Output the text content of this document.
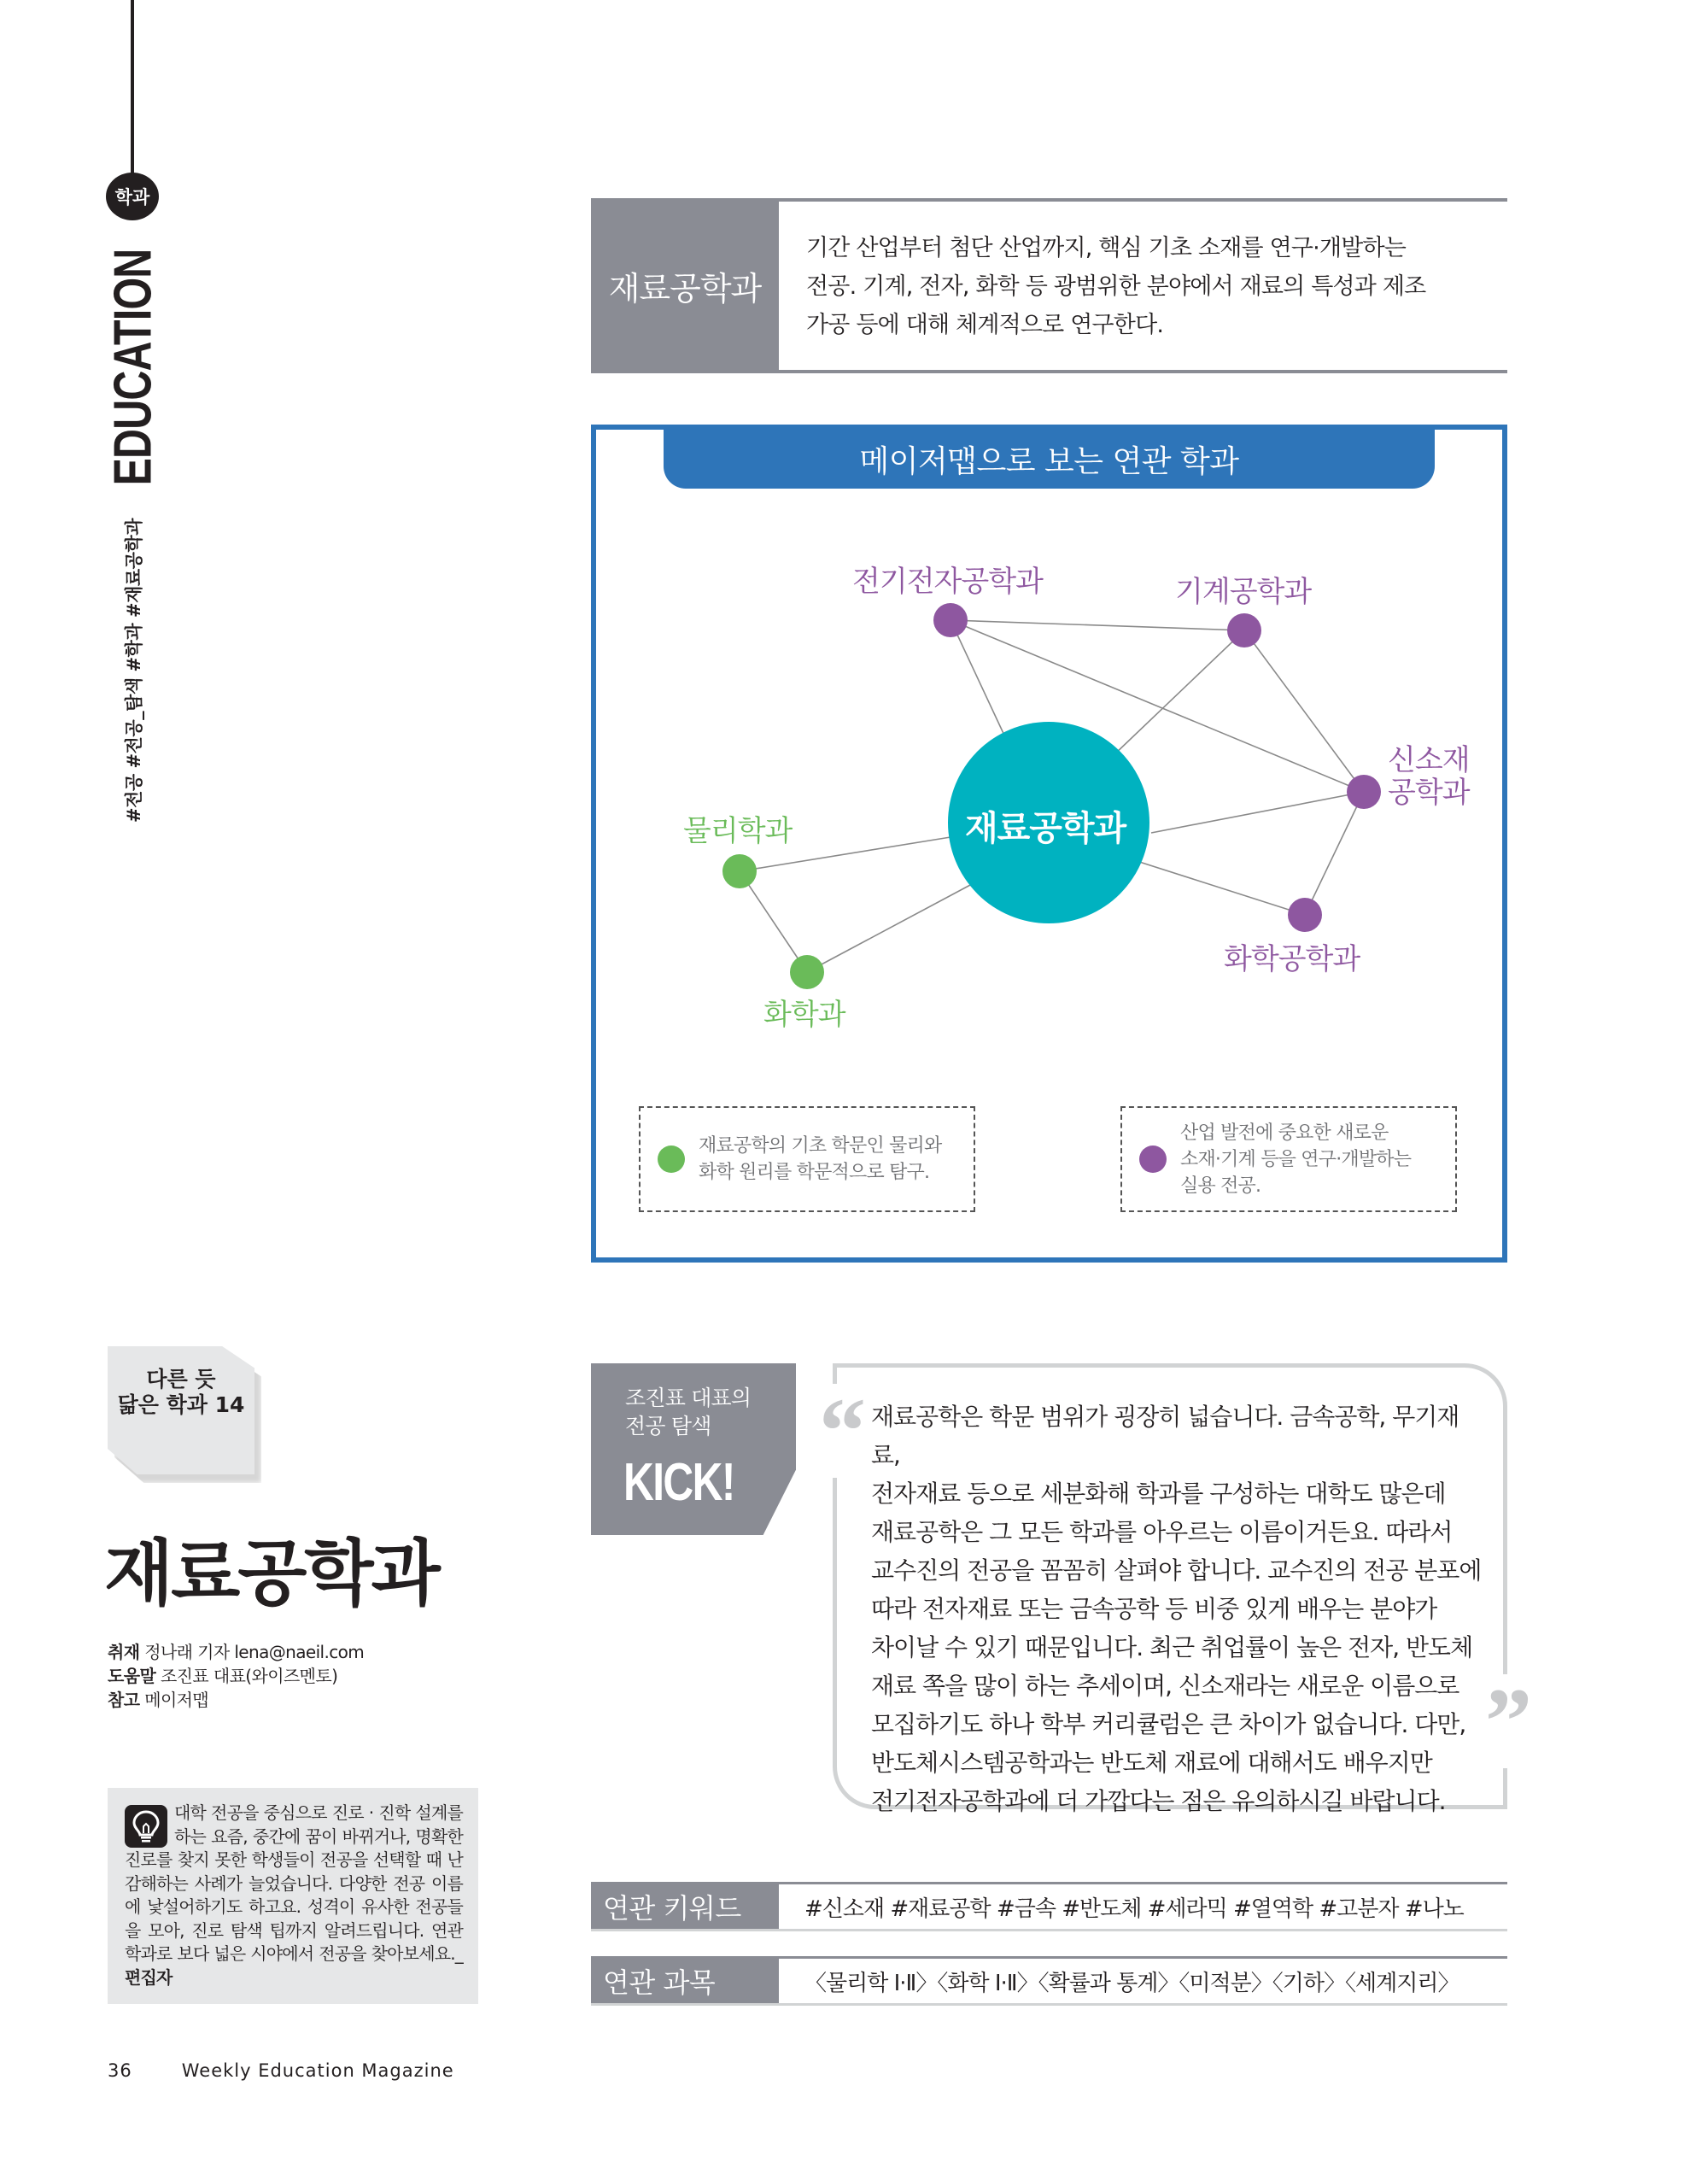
학과
EDUCATION
#전공 #전공_탐색 #학과 #재료공학과
재료공학과
기간 산업부터 첨단 산업까지, 핵심 기초 소재를 연구·개발하는
전공. 기계, 전자, 화학 등 광범위한 분야에서 재료의 특성과 제조
가공 등에 대해 체계적으로 연구한다.
메이저맵으로 보는 연관 학과
재료공학과
전기전자공학과	기계공학과
신소재
공학과
화학공학과
물리학과
화학과
재료공학의 기초 학문인 물리와
화학 원리를 학문적으로 탐구.
산업 발전에 중요한 새로운
소재·기계 등을 연구·개발하는
실용 전공.
다른 듯
닮은 학과 14
재료공학과
취재 정나래 기자 lena@naeil.com
도움말 조진표 대표(와이즈멘토)
참고 메이저맵
대학 전공을 중심으로 진로 · 진학 설계를 하는 요즘, 중간에 꿈이 바뀌거나, 명확한 진로를 찾지 못한 학생들이 전공을 선택할 때 난감해하는 사례가 늘었습니다. 다양한 전공 이름에 낯설어하기도 하고요. 성격이 유사한 전공들을 모아, 진로 탐색 팁까지 알려드립니다. 연관 학과로 보다 넓은 시야에서 전공을 찾아보세요._ 편집자
조진표 대표의
전공 탐색
KICK! “
”
재료공학은 학문 범위가 굉장히 넓습니다. 금속공학, 무기재료,
전자재료 등으로 세분화해 학과를 구성하는 대학도 많은데
재료공학은 그 모든 학과를 아우르는 이름이거든요. 따라서
교수진의 전공을 꼼꼼히 살펴야 합니다. 교수진의 전공 분포에
따라 전자재료 또는 금속공학 등 비중 있게 배우는 분야가
차이날 수 있기 때문입니다. 최근 취업률이 높은 전자, 반도체
재료 쪽을 많이 하는 추세이며, 신소재라는 새로운 이름으로
모집하기도 하나 학부 커리큘럼은 큰 차이가 없습니다. 다만,
반도체시스템공학과는 반도체 재료에 대해서도 배우지만
전기전자공학과에 더 가깝다는 점은 유의하시길 바랍니다.
연관 키워드	#신소재 #재료공학 #금속 #반도체 #세라믹 #열역학 #고분자 #나노
연관 과목	〈물리학 Ⅰ·Ⅱ〉〈화학 Ⅰ·Ⅱ〉〈확률과 통계〉〈미적분〉〈기하〉〈세계지리〉
36	Weekly Education Magazine
